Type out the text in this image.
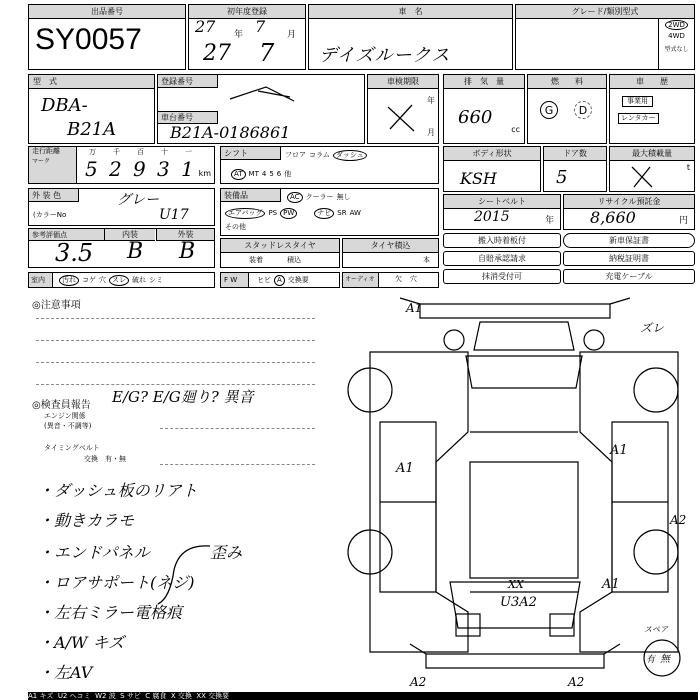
出品番号
SY0057
初年度登録
27 年 7 月
27 7
車　名
デイズルークス
グレード/類別型式
2WD
4WD
型式なし
型　式
DBA-
B21A
登録番号
車台番号
B21A-0186861
車検期限
年
月
排　気　量
660
cc
燃　　料
G	D
車　　歴
事業用
レンタカー
走行距離
マーク
万 千 百 十 一
5 2 9 3 1 km
シフト	フロア コラム ダッシュ
AT MT 4 5 6 他
ボディ形状
KSH
ドア数
5
最大積載量
t
外 装 色	グレー
(カラーNo	U17
装備品	AC クーラー 無し
エアバッグ PS PW	ナビ SR AW
その他
シートベルト
2015	年
リサイクル預託金
8,660	円
参考評価点	内装	外装
3.5 B B	スタッドレスタイヤ
装着	積込
タイヤ積込
本
搬入時着板付	新車保証書
自賠承認請求	納税証明書
抹消受付可	充電ケーブル
室内	汚れ コゲ 穴 スレ 破れ シミ	F W	ヒビ A 交換要	オーディオ	欠 穴
◎注意事項
◎検査員報告 E/G? E/G廻り? 異音
エンジン関係
(異音・不調等)
タイミングベルト
交換　有・無
・ダッシュ板のリアト
・動きカラモ
・エンドパネル	歪み
・ロアサポート(ネジ)
・左右ミラー電格痕
・A/W キズ
・左AV
スペア
有 無
A1
ズレ
A1
A1
A2
A1
XX
U3A2
A2	A2
A1 キズ U2 ヘコミ W2 波 S サビ C 腐食 X 交換 XX 交換要
